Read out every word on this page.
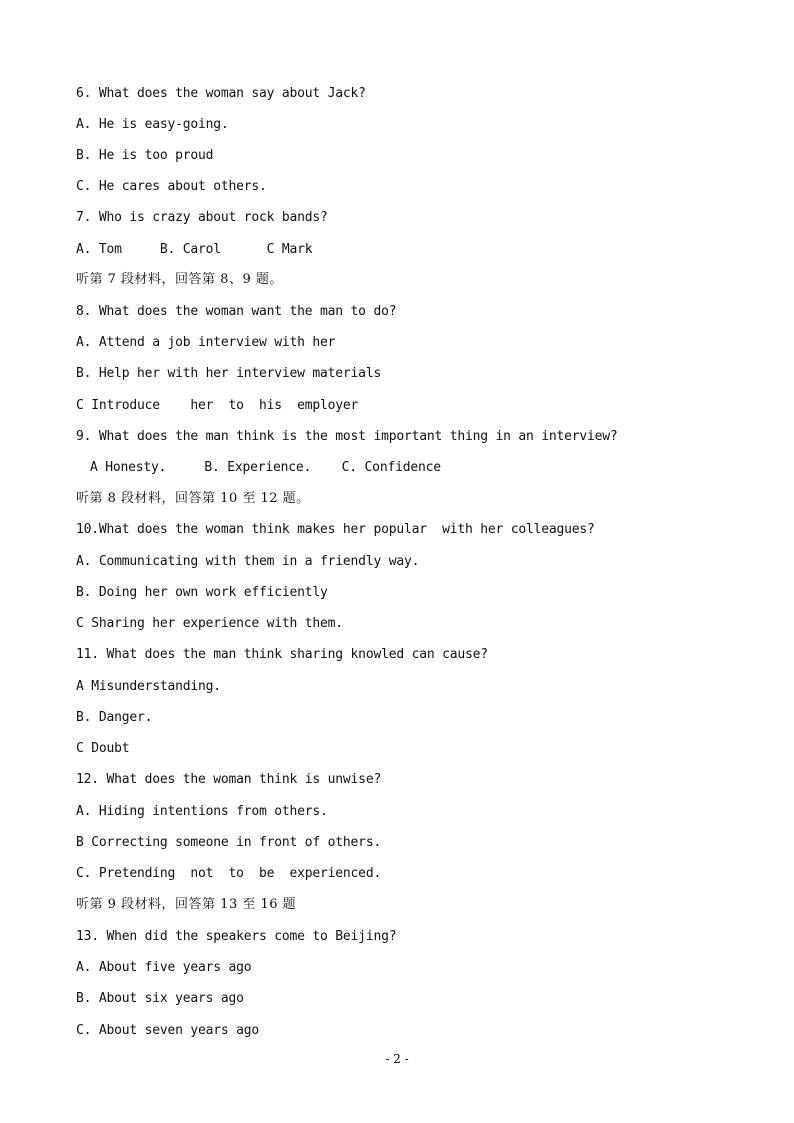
6. What does the woman say about Jack?
A. He is easy-going.
B. He is too proud
C. He cares about others.
7. Who is crazy about rock bands?
A. Tom     B. Carol      C Mark
听第 7 段材料，回答第 8、9 题。
8. What does the woman want the man to do?
A. Attend a job interview with her
B. Help her with her interview materials
C Introduce    her  to  his  employer
9. What does the man think is the most important thing in an interview?
A Honesty.     B. Experience.    C. Confidence
听第 8 段材料，回答第 10 至 12 题。
10.What does the woman think makes her popular  with her colleagues?
A. Communicating with them in a friendly way.
B. Doing her own work efficiently
C Sharing her experience with them.
11. What does the man think sharing knowled can cause?
A Misunderstanding.
B. Danger.
C Doubt
12. What does the woman think is unwise?
A. Hiding intentions from others.
B Correcting someone in front of others.
C. Pretending  not  to  be  experienced.
听第 9 段材料，回答第 13 至 16 题
13. When did the speakers come to Beijing?
A. About five years ago
B. About six years ago
C. About seven years ago
- 2 -
